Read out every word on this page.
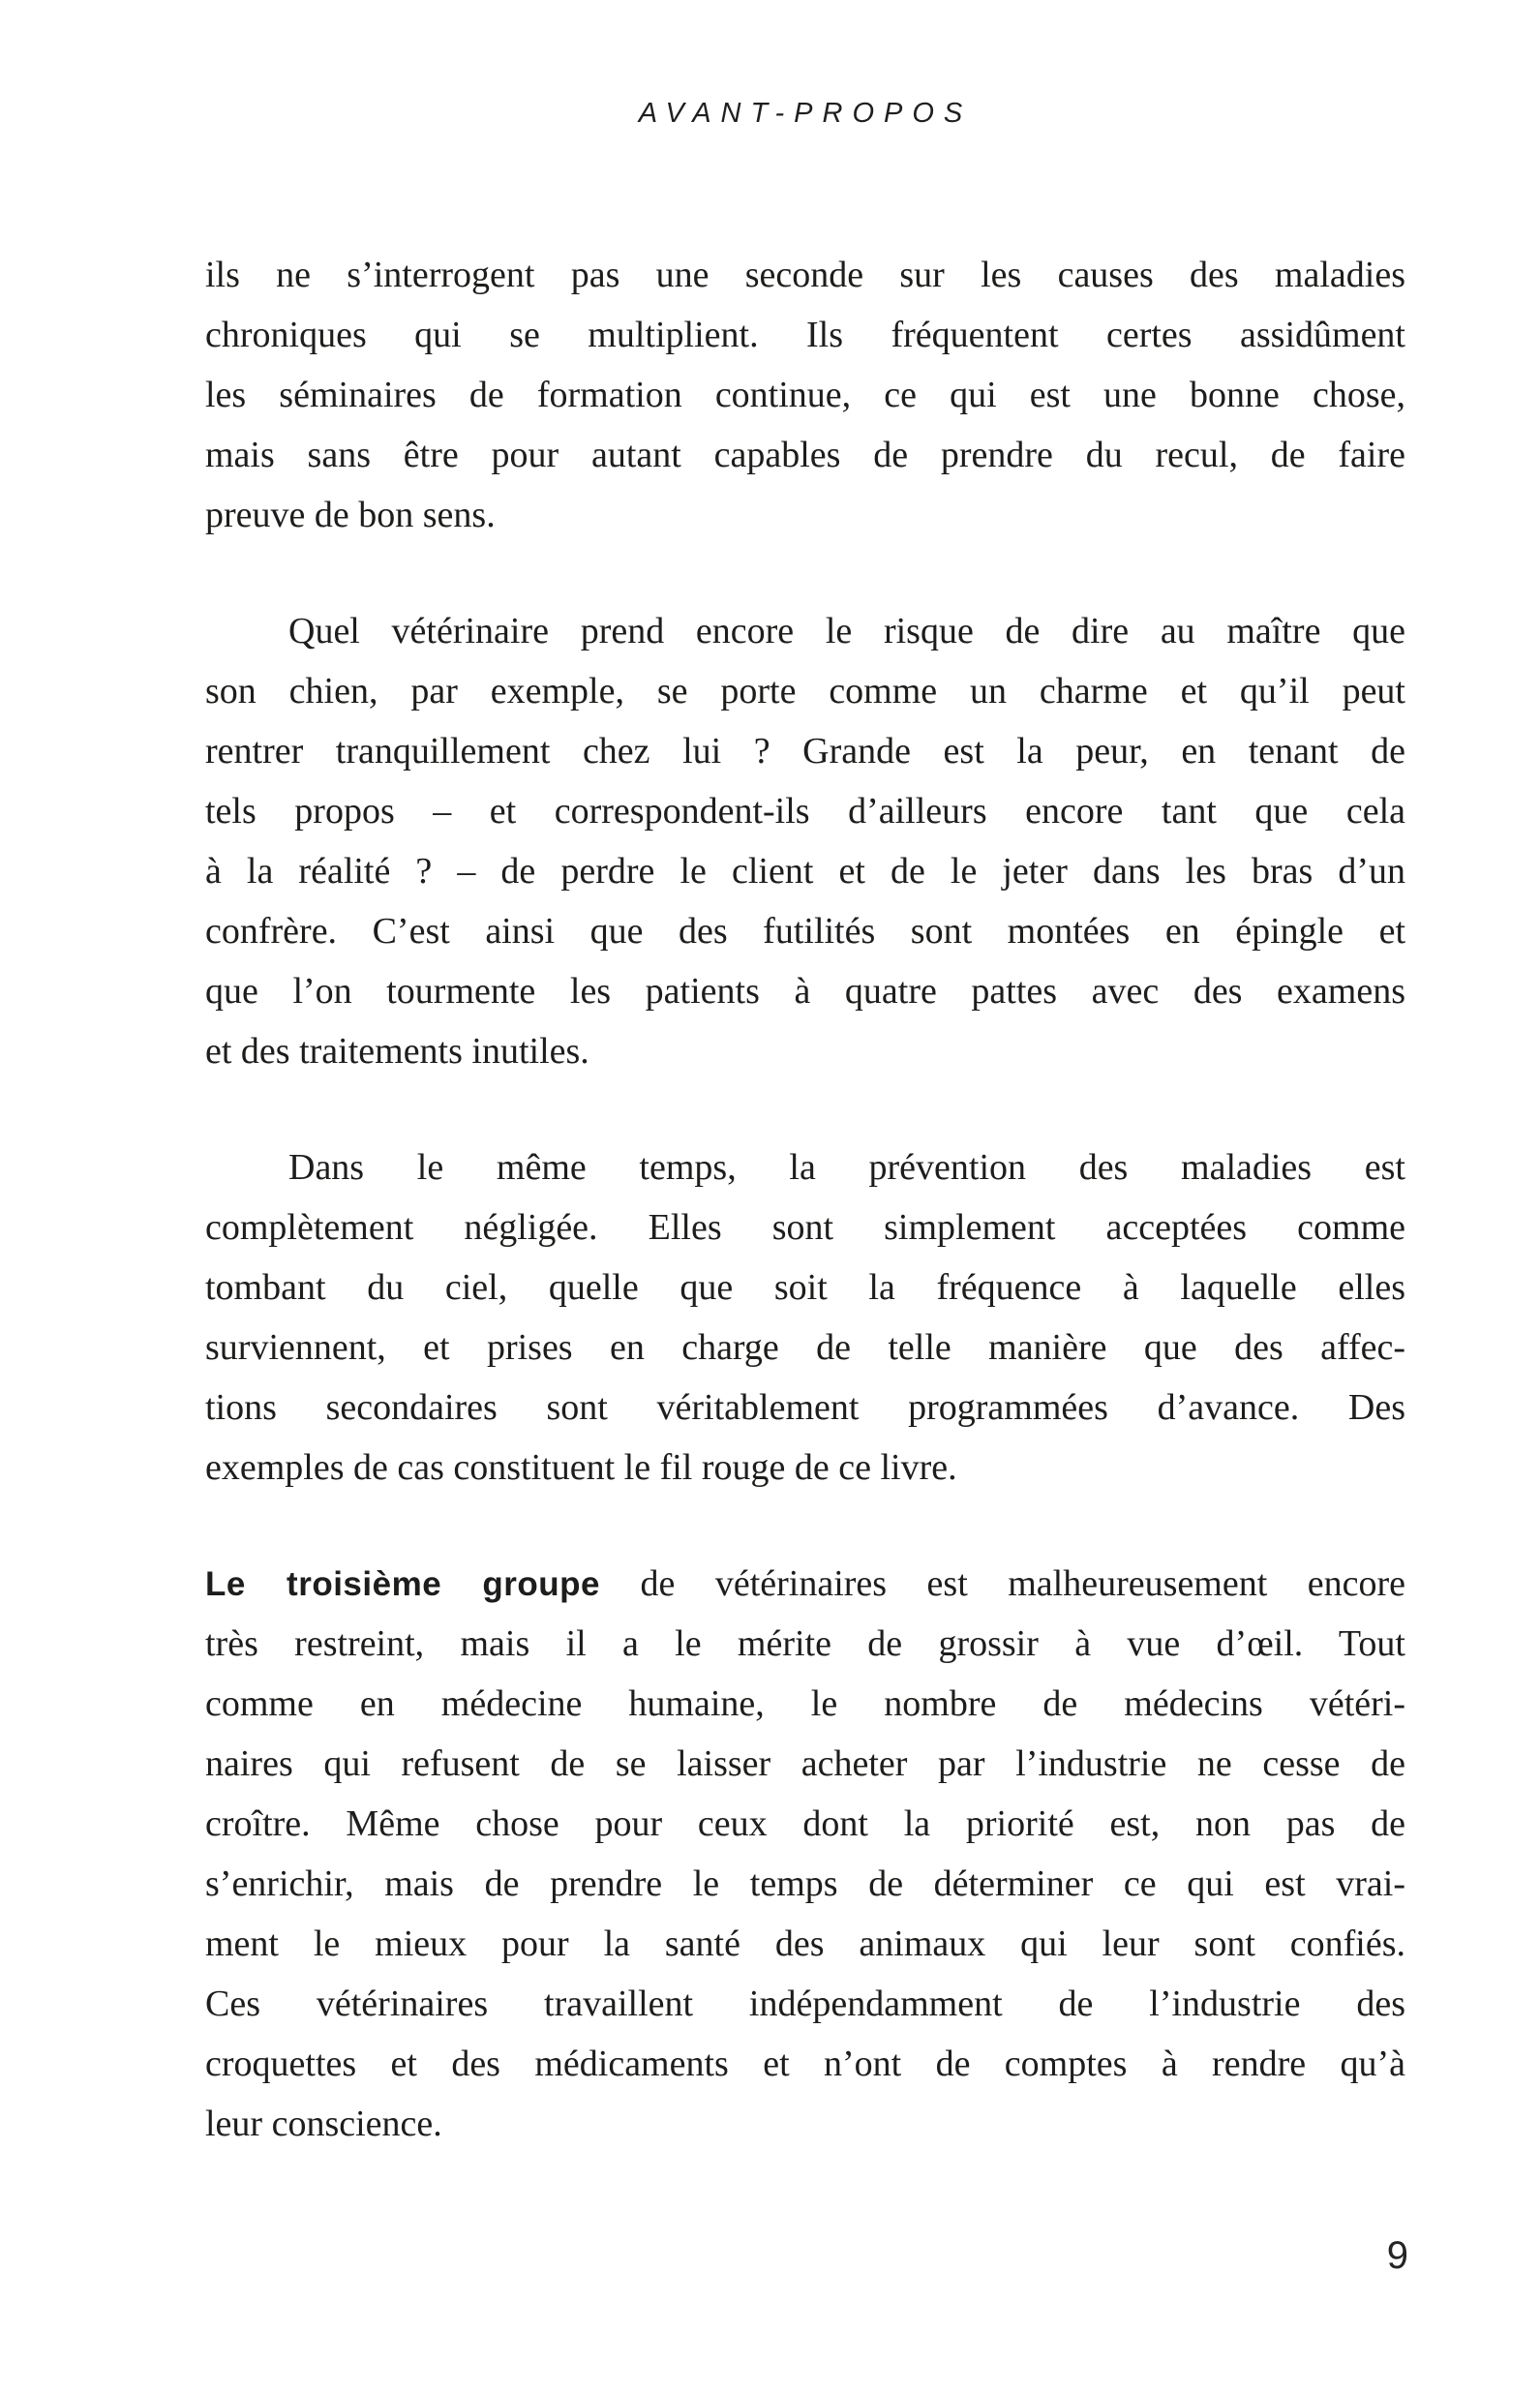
AVANT-PROPOS
ils ne s’interrogent pas une seconde sur les causes des maladies
chroniques qui se multiplient. Ils fréquentent certes assidûment
les séminaires de formation continue, ce qui est une bonne chose,
mais sans être pour autant capables de prendre du recul, de faire
preuve de bon sens.
Quel vétérinaire prend encore le risque de dire au maître que
son chien, par exemple, se porte comme un charme et qu’il peut
rentrer tranquillement chez lui ? Grande est la peur, en tenant de
tels propos – et correspondent-ils d’ailleurs encore tant que cela
à la réalité ? – de perdre le client et de le jeter dans les bras d’un
confrère. C’est ainsi que des futilités sont montées en épingle et
que l’on tourmente les patients à quatre pattes avec des examens
et des traitements inutiles.
Dans le même temps, la prévention des maladies est
complètement négligée. Elles sont simplement acceptées comme
tombant du ciel, quelle que soit la fréquence à laquelle elles
surviennent, et prises en charge de telle manière que des affec-
tions secondaires sont véritablement programmées d’avance. Des
exemples de cas constituent le fil rouge de ce livre.
Le troisième groupe de vétérinaires est malheureusement encore
très restreint, mais il a le mérite de grossir à vue d’œil. Tout
comme en médecine humaine, le nombre de médecins vétéri-
naires qui refusent de se laisser acheter par l’industrie ne cesse de
croître. Même chose pour ceux dont la priorité est, non pas de
s’enrichir, mais de prendre le temps de déterminer ce qui est vrai-
ment le mieux pour la santé des animaux qui leur sont confiés.
Ces vétérinaires travaillent indépendamment de l’industrie des
croquettes et des médicaments et n’ont de comptes à rendre qu’à
leur conscience.
9
